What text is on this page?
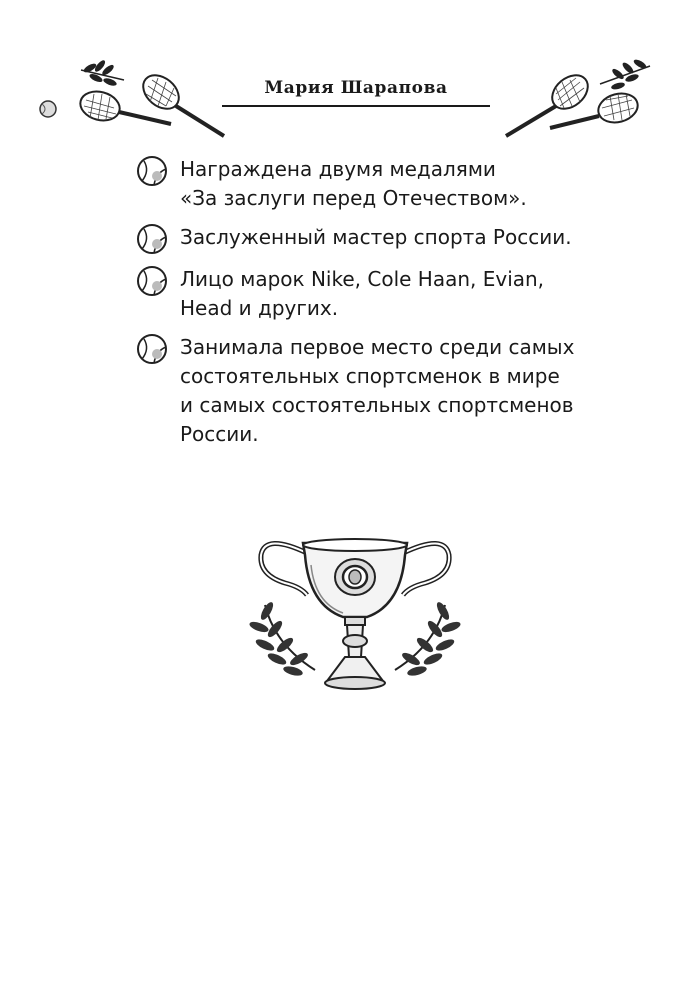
Мария Шарапова
Награждена двумя медалями
«За заслуги перед Отечеством».
Заслуженный мастер спорта России.
Лицо марок Nike, Cole Haan, Evian,
Head и других.
Занимала первое место среди самых
состоятельных спортсменок в мире
и самых состоятельных спортсменов
России.
